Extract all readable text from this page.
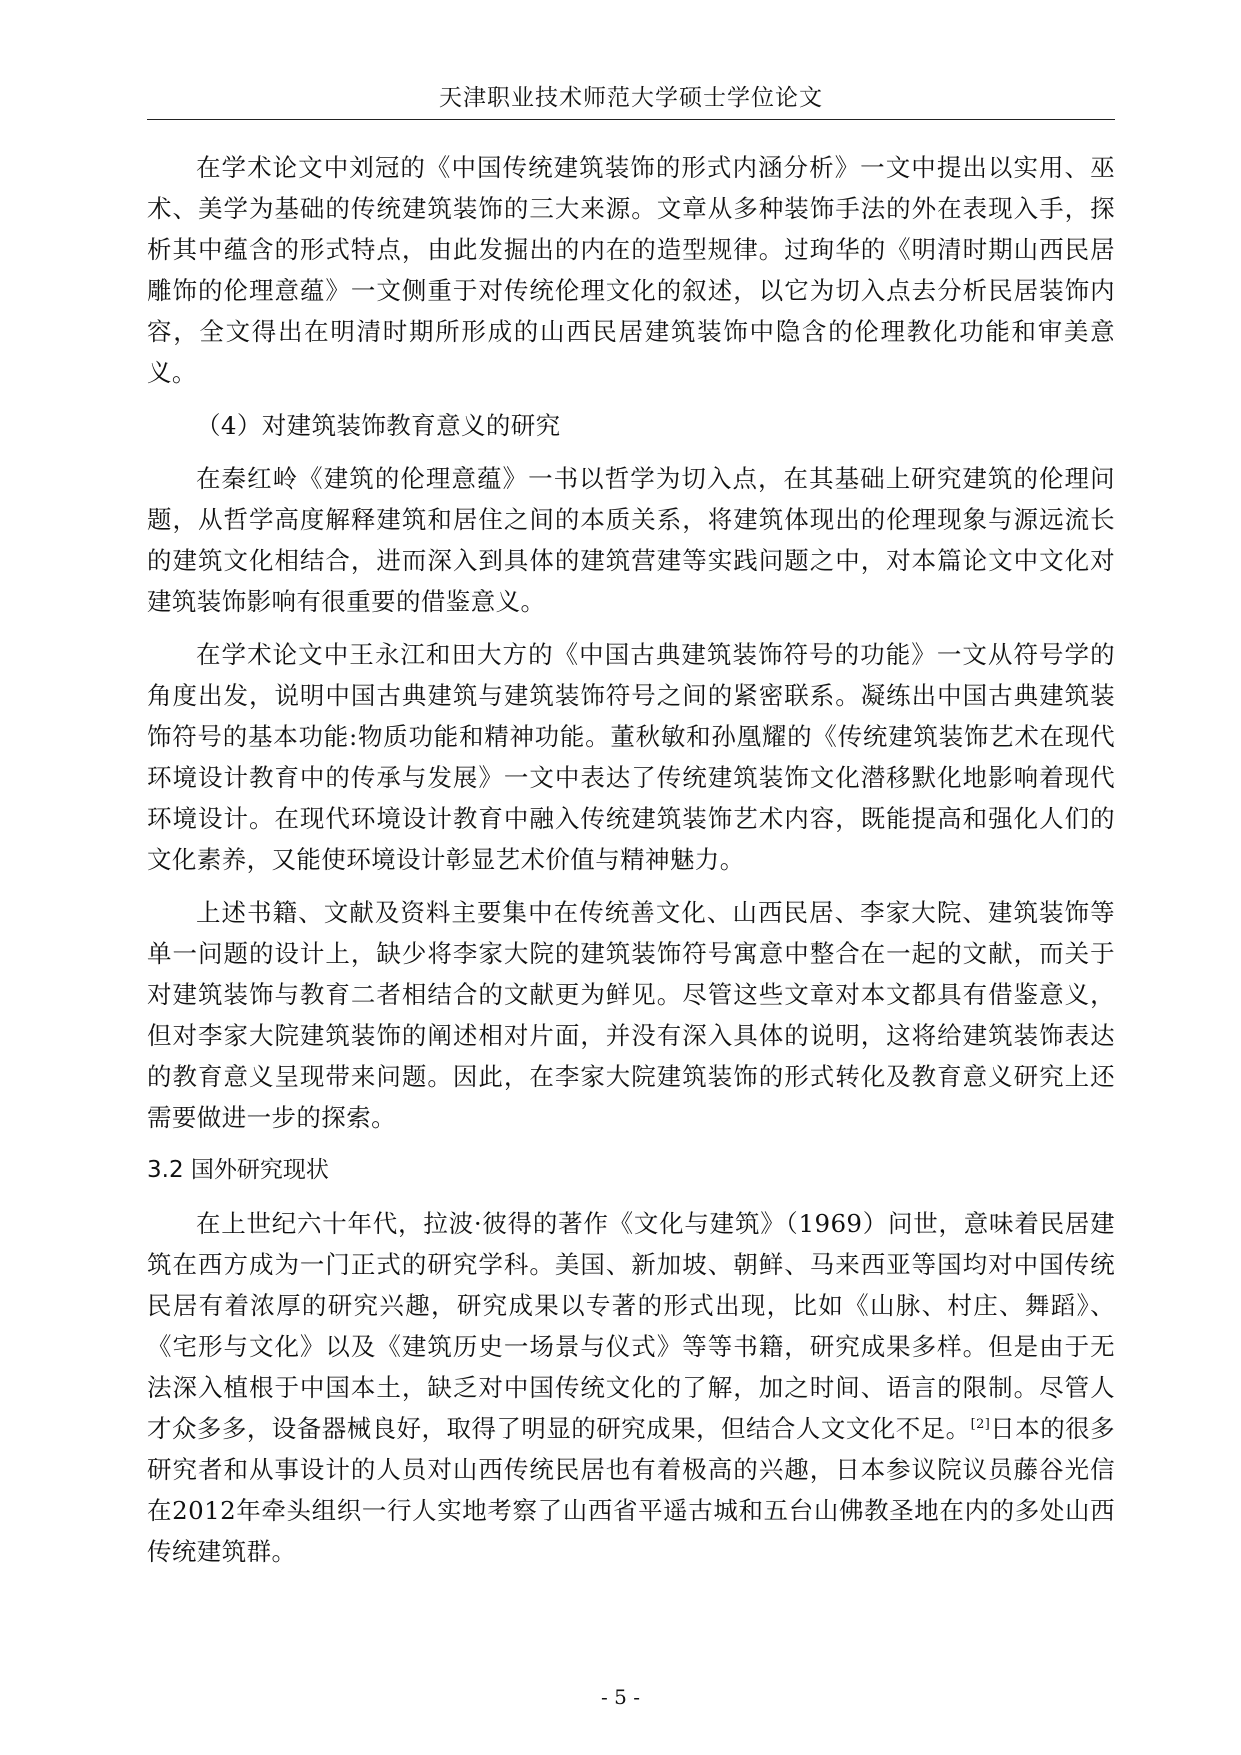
天津职业技术师范大学硕士学位论文

在学术论文中刘冠的《中国传统建筑装饰的形式内涵分析》一文中提出以实用、巫术、美学为基础的传统建筑装饰的三大来源。文章从多种装饰手法的外在表现入手，探析其中蕴含的形式特点，由此发掘出的内在的造型规律。过珣华的《明清时期山西民居雕饰的伦理意蕴》一文侧重于对传统伦理文化的叙述，以它为切入点去分析民居装饰内容，全文得出在明清时期所形成的山西民居建筑装饰中隐含的伦理教化功能和审美意义。

（4）对建筑装饰教育意义的研究

在秦红岭《建筑的伦理意蕴》一书以哲学为切入点，在其基础上研究建筑的伦理问题，从哲学高度解释建筑和居住之间的本质关系，将建筑体现出的伦理现象与源远流长的建筑文化相结合，进而深入到具体的建筑营建等实践问题之中，对本篇论文中文化对建筑装饰影响有很重要的借鉴意义。

在学术论文中王永江和田大方的《中国古典建筑装饰符号的功能》一文从符号学的角度出发，说明中国古典建筑与建筑装饰符号之间的紧密联系。凝练出中国古典建筑装饰符号的基本功能:物质功能和精神功能。董秋敏和孙凰耀的《传统建筑装饰艺术在现代环境设计教育中的传承与发展》一文中表达了传统建筑装饰文化潜移默化地影响着现代环境设计。在现代环境设计教育中融入传统建筑装饰艺术内容，既能提高和强化人们的文化素养，又能使环境设计彰显艺术价值与精神魅力。

上述书籍、文献及资料主要集中在传统善文化、山西民居、李家大院、建筑装饰等单一问题的设计上，缺少将李家大院的建筑装饰符号寓意中整合在一起的文献，而关于对建筑装饰与教育二者相结合的文献更为鲜见。尽管这些文章对本文都具有借鉴意义，但对李家大院建筑装饰的阐述相对片面，并没有深入具体的说明，这将给建筑装饰表达的教育意义呈现带来问题。因此，在李家大院建筑装饰的形式转化及教育意义研究上还需要做进一步的探索。

3.2 国外研究现状

在上世纪六十年代，拉波·彼得的著作《文化与建筑》（1969）问世，意味着民居建筑在西方成为一门正式的研究学科。美国、新加坡、朝鲜、马来西亚等国均对中国传统民居有着浓厚的研究兴趣，研究成果以专著的形式出现，比如《山脉、村庄、舞蹈》、《宅形与文化》以及《建筑历史一场景与仪式》等等书籍，研究成果多样。但是由于无法深入植根于中国本土，缺乏对中国传统文化的了解，加之时间、语言的限制。尽管人才众多多，设备器械良好，取得了明显的研究成果，但结合人文文化不足。[2]日本的很多研究者和从事设计的人员对山西传统民居也有着极高的兴趣，日本参议院议员藤谷光信在2012年牵头组织一行人实地考察了山西省平遥古城和五台山佛教圣地在内的多处山西传统建筑群。

- 5 -
